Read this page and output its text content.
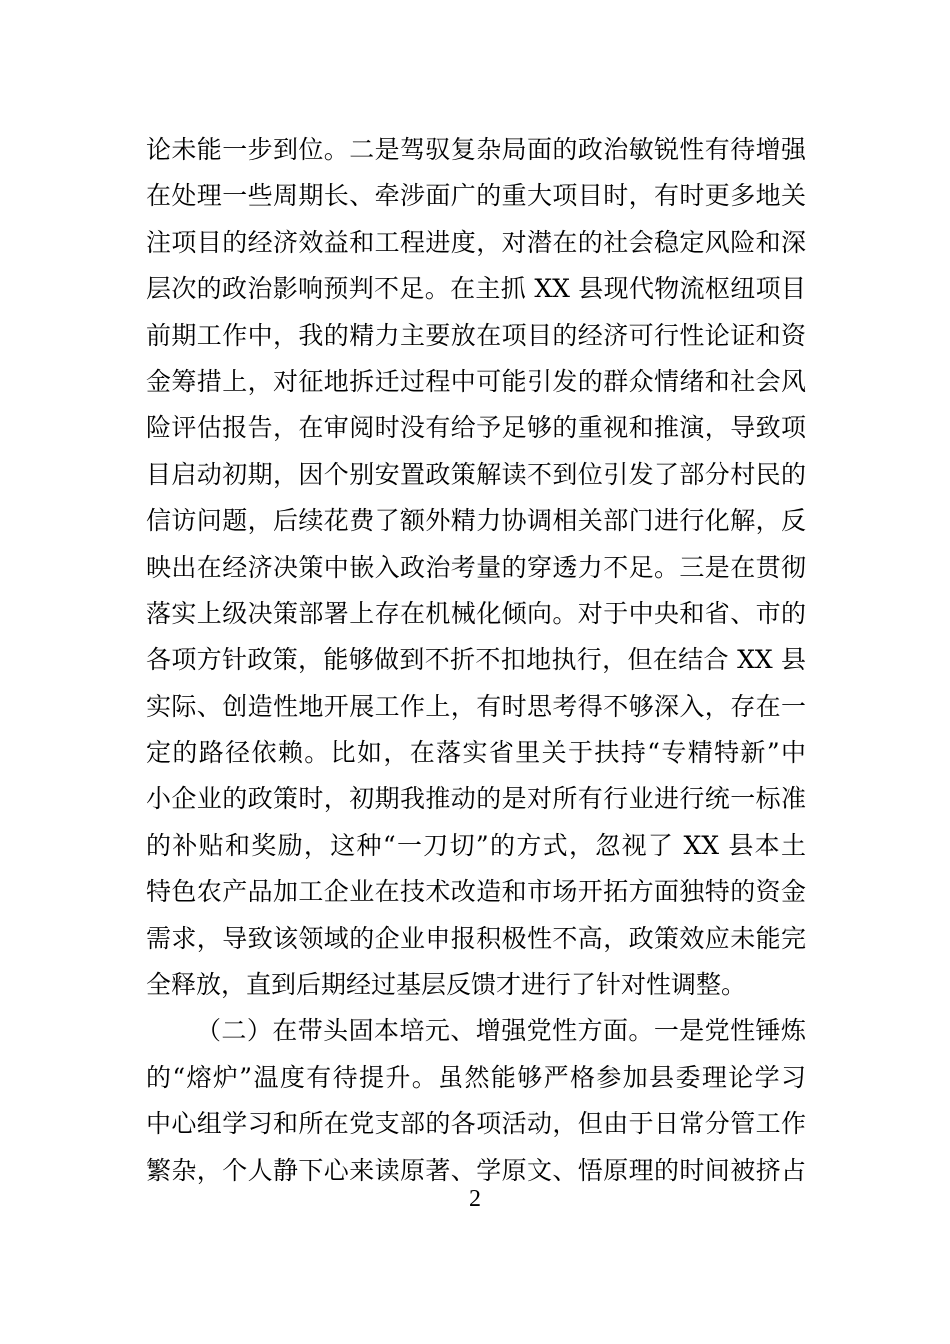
论未能一步到位。二是驾驭复杂局面的政治敏锐性有待增强
在处理一些周期长、牵涉面广的重大项目时，有时更多地关
注项目的经济效益和工程进度，对潜在的社会稳定风险和深
层次的政治影响预判不足。在主抓 XX 县现代物流枢纽项目
前期工作中，我的精力主要放在项目的经济可行性论证和资
金筹措上，对征地拆迁过程中可能引发的群众情绪和社会风
险评估报告，在审阅时没有给予足够的重视和推演，导致项
目启动初期，因个别安置政策解读不到位引发了部分村民的
信访问题，后续花费了额外精力协调相关部门进行化解，反
映出在经济决策中嵌入政治考量的穿透力不足。三是在贯彻
落实上级决策部署上存在机械化倾向。对于中央和省、市的
各项方针政策，能够做到不折不扣地执行，但在结合 XX 县
实际、创造性地开展工作上，有时思考得不够深入，存在一
定的路径依赖。比如，在落实省里关于扶持“专精特新”中
小企业的政策时，初期我推动的是对所有行业进行统一标准
的补贴和奖励，这种“一刀切”的方式，忽视了 XX 县本土
特色农产品加工企业在技术改造和市场开拓方面独特的资金
需求，导致该领域的企业申报积极性不高，政策效应未能完
全释放，直到后期经过基层反馈才进行了针对性调整。
（二）在带头固本培元、增强党性方面。一是党性锤炼
的“熔炉”温度有待提升。虽然能够严格参加县委理论学习
中心组学习和所在党支部的各项活动，但由于日常分管工作
繁杂，个人静下心来读原著、学原文、悟原理的时间被挤占
2
